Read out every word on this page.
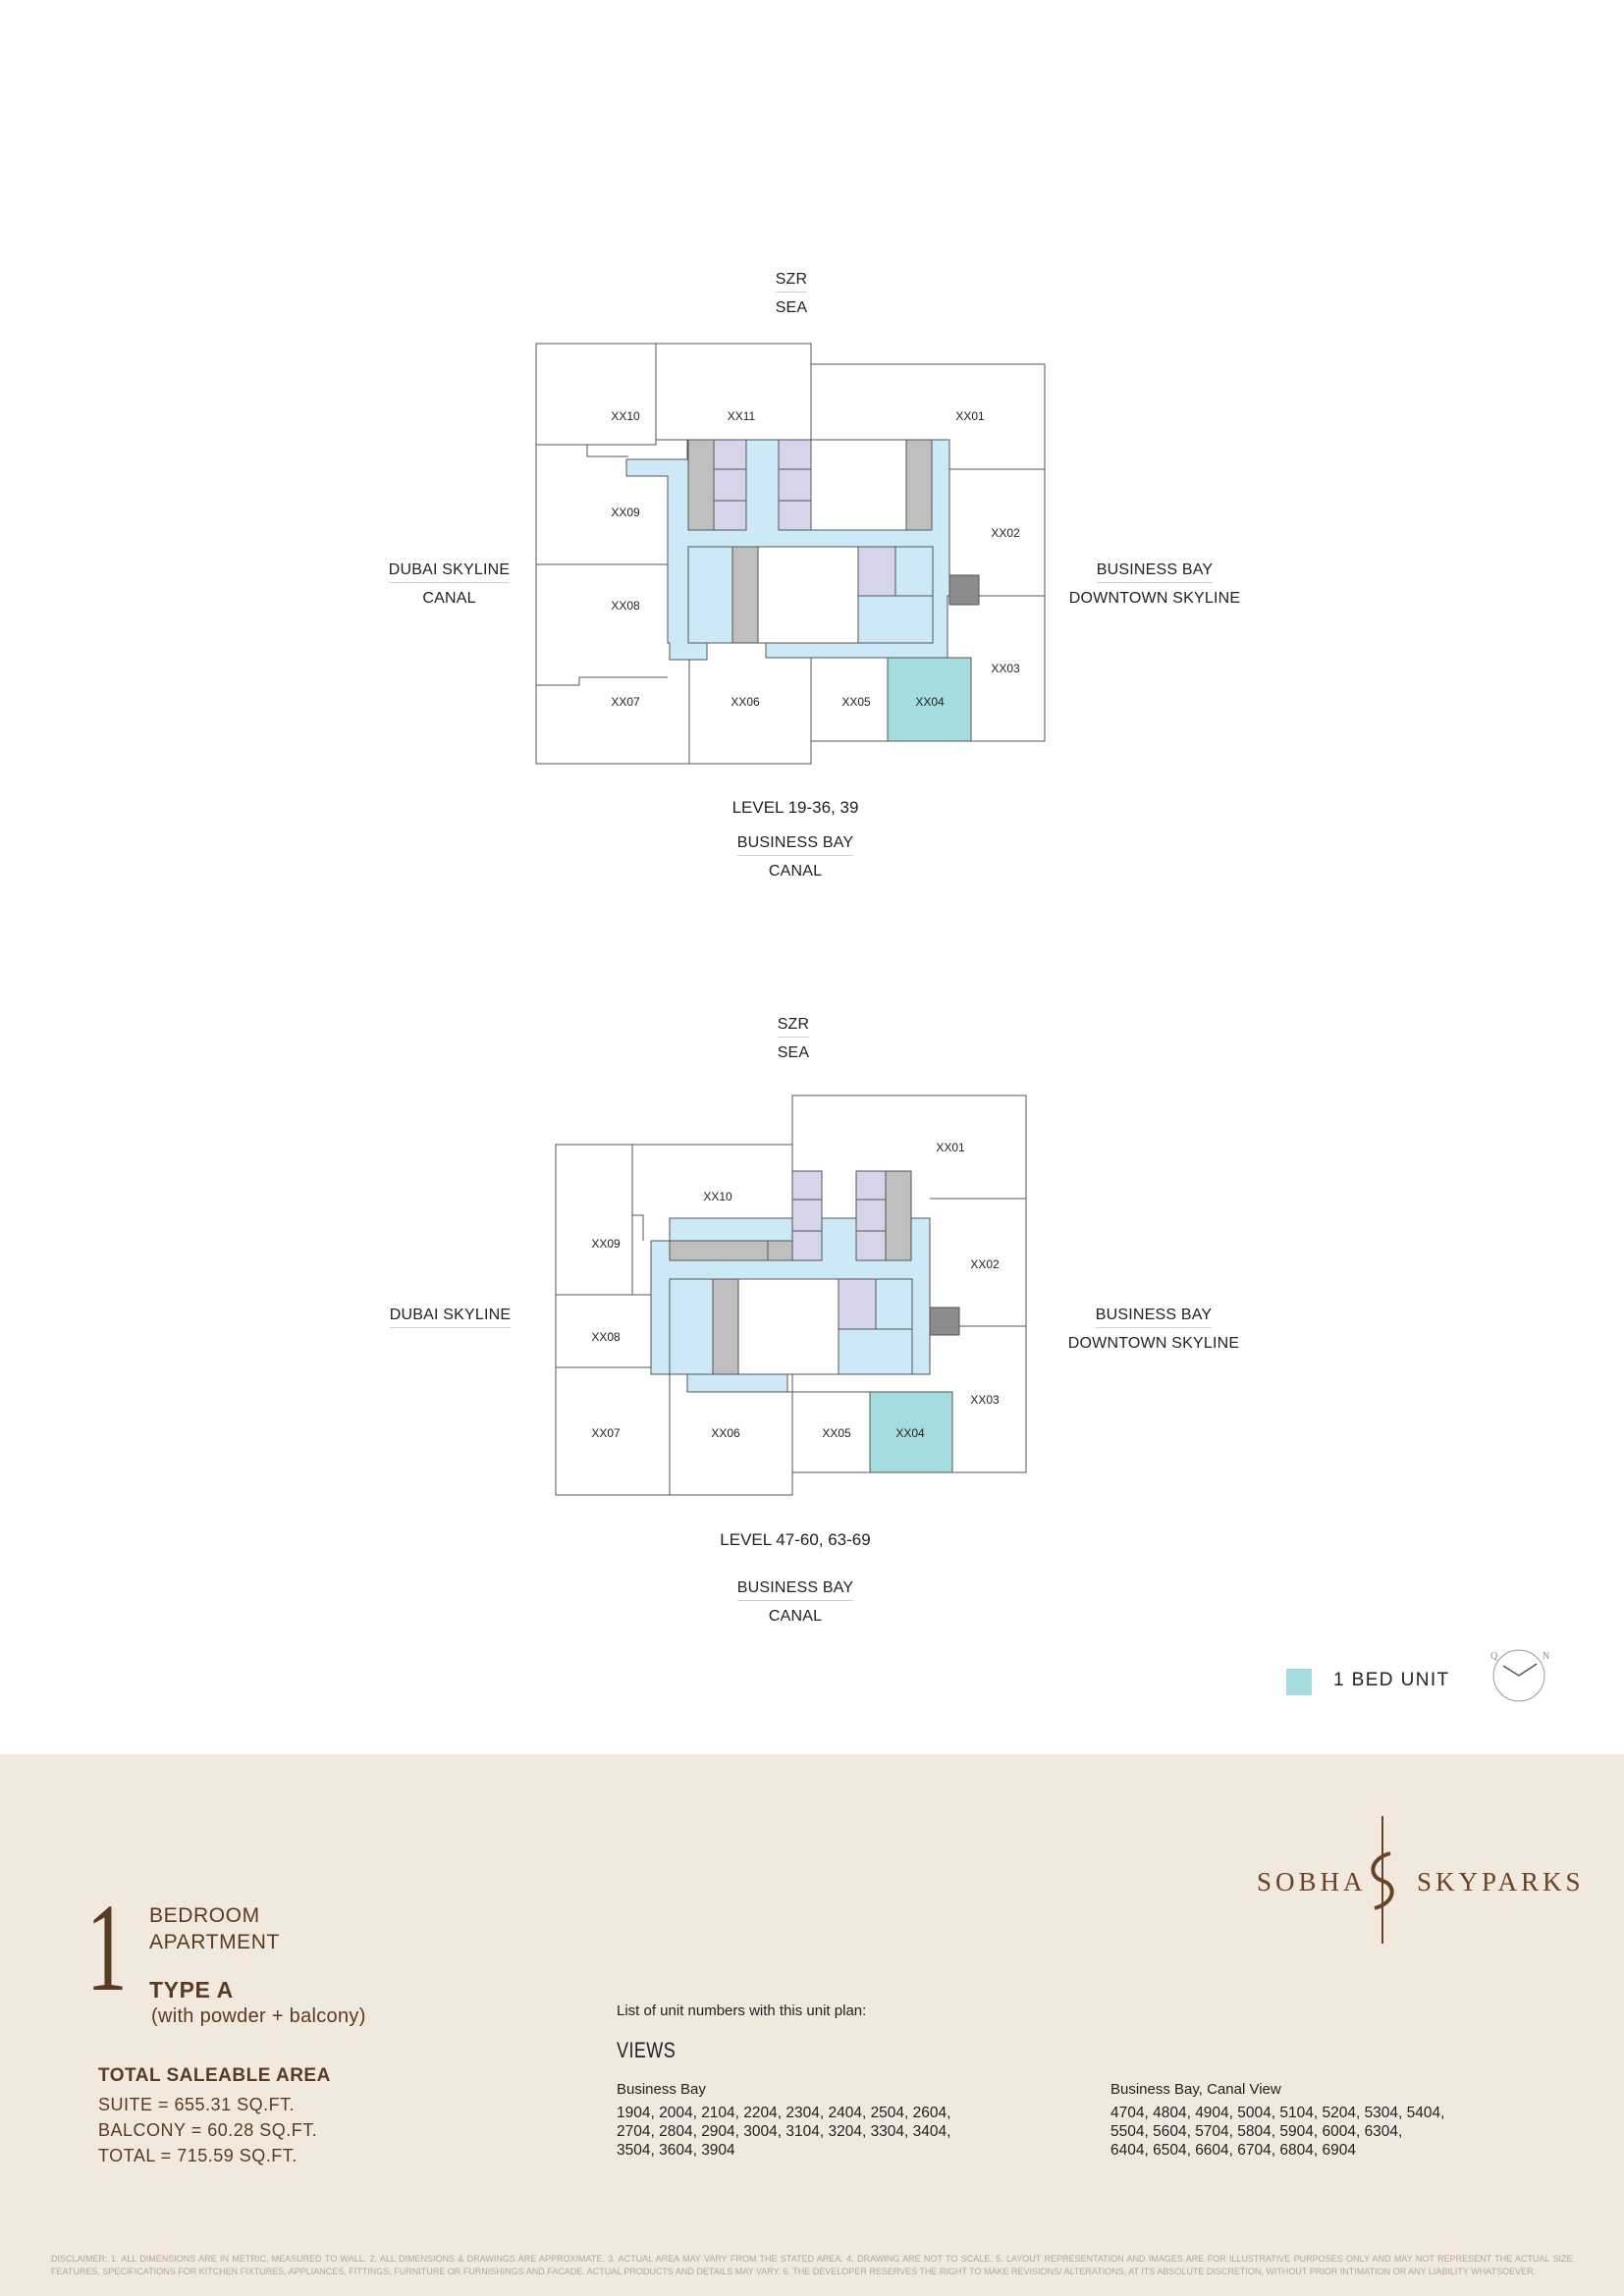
XX01
XX02
XX03
XX04
XX05
XX06
XX07
XX08
XX09
XX10	XX11
XX01
XX02
XX03
XX04
XX05
XX06
XX07
XX08
XX09
XX10
Q	N
SZR
SEA
DUBAI SKYLINE
CANAL
BUSINESS BAY
DOWNTOWN SKYLINE
LEVEL 19-36, 39
BUSINESS BAY
CANAL
SZR
SEA
DUBAI SKYLINE	BUSINESS BAY
DOWNTOWN SKYLINE
LEVEL 47-60, 63-69
BUSINESS BAY
CANAL
1 BED UNIT
SOBHA SKYPARKS
1 BEDROOM
APARTMENT
TYPE A
(with powder + balcony)
TOTAL SALEABLE AREA
SUITE = 655.31 SQ.FT.
BALCONY = 60.28 SQ.FT.
TOTAL = 715.59 SQ.FT.
List of unit numbers with this unit plan:
VIEWS
Business Bay
1904, 2004, 2104, 2204, 2304, 2404, 2504, 2604,
2704, 2804, 2904, 3004, 3104, 3204, 3304, 3404,
3504, 3604, 3904
Business Bay, Canal View
4704, 4804, 4904, 5004, 5104, 5204, 5304, 5404,
5504, 5604, 5704, 5804, 5904, 6004, 6304,
6404, 6504, 6604, 6704, 6804, 6904
DISCLAIMER: 1. ALL DIMENSIONS ARE IN METRIC, MEASURED TO WALL. 2. ALL DIMENSIONS & DRAWINGS ARE APPROXIMATE. 3. ACTUAL AREA MAY VARY FROM THE STATED AREA. 4. DRAWING ARE NOT TO SCALE. 5. LAYOUT REPRESENTATION AND IMAGES ARE FOR ILLUSTRATIVE PURPOSES ONLY AND MAY NOT REPRESENT THE ACTUAL SIZE, FEATURES, SPECIFICATIONS FOR KITCHEN FIXTURES, APPLIANCES, FITTINGS, FURNITURE OR FURNISHINGS AND FACADE. ACTUAL PRODUCTS AND DETAILS MAY VARY. 6. THE DEVELOPER RESERVES THE RIGHT TO MAKE REVISIONS/ ALTERATIONS, AT ITS ABSOLUTE DISCRETION, WITHOUT PRIOR INTIMATION OR ANY LIABILITY WHATSOEVER.
